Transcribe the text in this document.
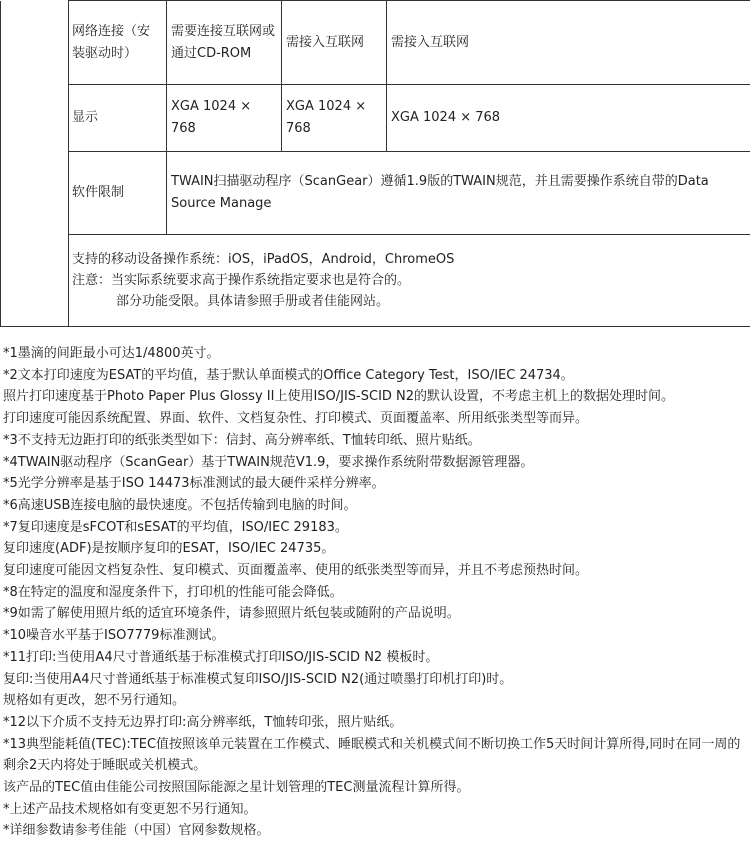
	网络连接（安装驱动时）	需要连接互联网或通过CD-ROM	需接入互联网	需接入互联网
	显示	XGA 1024 × 768	XGA 1024 × 768	XGA 1024 × 768
	软件限制	TWAIN扫描驱动程序（ScanGear）遵循1.9版的TWAIN规范，并且需要操作系统自带的Data Source Manage		

	支持的移动设备操作系统：iOS，iPadOS，Android，ChromeOS
注意：当实际系统要求高于操作系统指定要求也是符合的。
部分功能受限。具体请参照手册或者佳能网站。			

*1墨滴的间距最小可达1/4800英寸。

*2文本打印速度为ESAT的平均值，基于默认单面模式的Office Category Test，ISO/IEC 24734。

照片打印速度基于Photo Paper Plus Glossy II上使用ISO/JIS-SCID N2的默认设置，不考虑主机上的数据处理时间。

打印速度可能因系统配置、界面、软件、文档复杂性、打印模式、页面覆盖率、所用纸张类型等而异。

*3不支持无边距打印的纸张类型如下：信封、高分辨率纸、T恤转印纸、照片贴纸。

*4TWAIN驱动程序（ScanGear）基于TWAIN规范V1.9，要求操作系统附带数据源管理器。

*5光学分辨率是基于ISO 14473标准测试的最大硬件采样分辨率。

*6高速USB连接电脑的最快速度。不包括传输到电脑的时间。

*7复印速度是sFCOT和sESAT的平均值，ISO/IEC 29183。

复印速度(ADF)是按顺序复印的ESAT，ISO/IEC 24735。

复印速度可能因文档复杂性、复印模式、页面覆盖率、使用的纸张类型等而异，并且不考虑预热时间。

*8在特定的温度和湿度条件下，打印机的性能可能会降低。

*9如需了解使用照片纸的适宜环境条件，请参照照片纸包装或随附的产品说明。

*10噪音水平基于ISO7779标准测试。

*11打印:当使用A4尺寸普通纸基于标准模式打印ISO/JIS-SCID N2 模板时。

复印:当使用A4尺寸普通纸基于标准模式复印ISO/JIS-SCID N2(通过喷墨打印机打印)时。

规格如有更改，恕不另行通知。

*12以下介质不支持无边界打印:高分辨率纸，T恤转印张，照片贴纸。

*13典型能耗值(TEC):TEC值按照该单元装置在工作模式、睡眠模式和关机模式间不断切换工作5天时间计算所得,同时在同一周的剩余2天内将处于睡眠或关机模式。

该产品的TEC值由佳能公司按照国际能源之星计划管理的TEC测量流程计算所得。

*上述产品技术规格如有变更恕不另行通知。

*详细参数请参考佳能（中国）官网参数规格。
